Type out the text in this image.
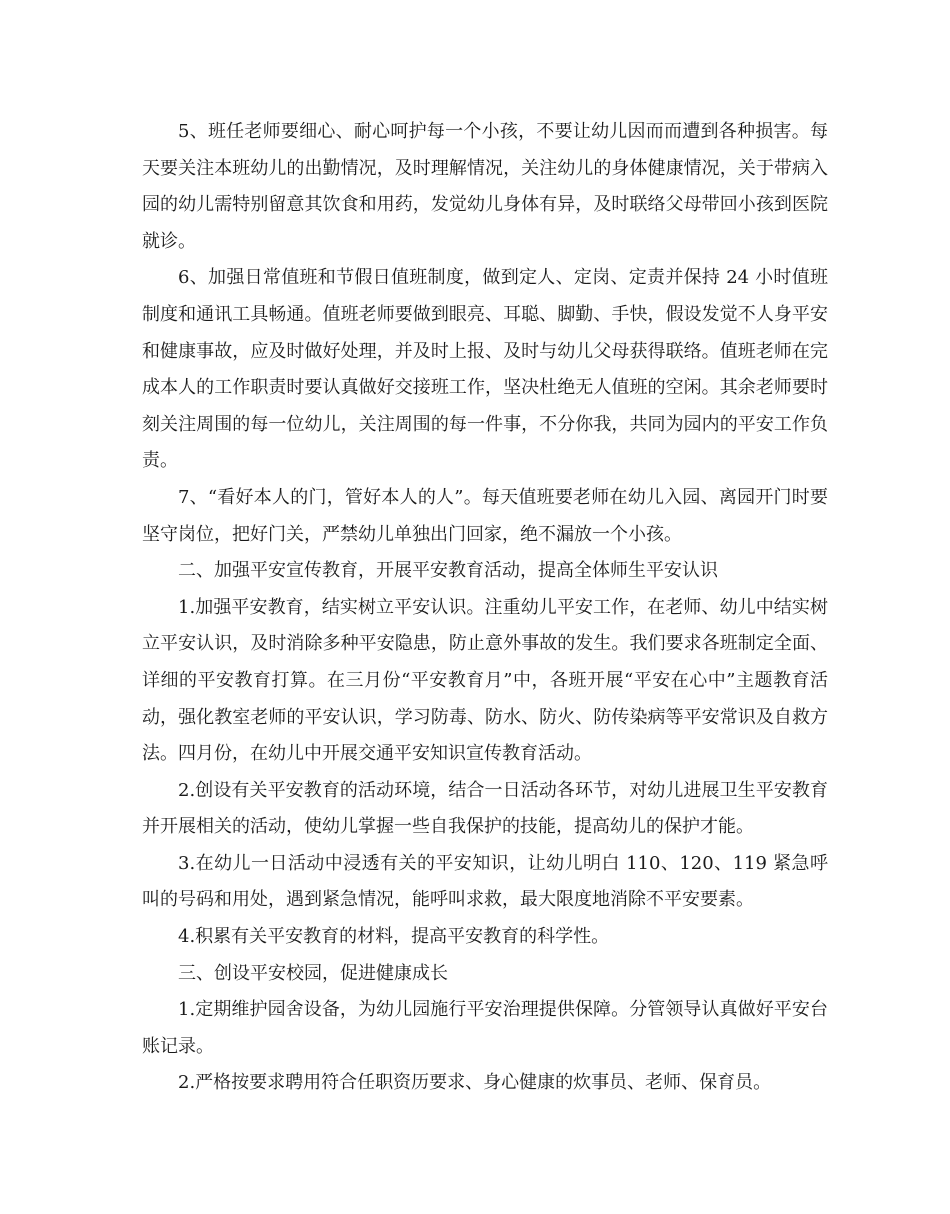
5、班任老师要细心、耐心呵护每一个小孩，不要让幼儿因而而遭到各种损害。每天要关注本班幼儿的出勤情况，及时理解情况，关注幼儿的身体健康情况，关于带病入园的幼儿需特别留意其饮食和用药，发觉幼儿身体有异，及时联络父母带回小孩到医院就诊。

6、加强日常值班和节假日值班制度，做到定人、定岗、定责并保持 24 小时值班制度和通讯工具畅通。值班老师要做到眼亮、耳聪、脚勤、手快，假设发觉不人身平安和健康事故，应及时做好处理，并及时上报、及时与幼儿父母获得联络。值班老师在完成本人的工作职责时要认真做好交接班工作，坚决杜绝无人值班的空闲。其余老师要时刻关注周围的每一位幼儿，关注周围的每一件事，不分你我，共同为园内的平安工作负责。

7、“看好本人的门，管好本人的人”。每天值班要老师在幼儿入园、离园开门时要坚守岗位，把好门关，严禁幼儿单独出门回家，绝不漏放一个小孩。

二、加强平安宣传教育，开展平安教育活动，提高全体师生平安认识

1.加强平安教育，结实树立平安认识。注重幼儿平安工作，在老师、幼儿中结实树立平安认识，及时消除多种平安隐患，防止意外事故的发生。我们要求各班制定全面、详细的平安教育打算。在三月份“平安教育月”中，各班开展“平安在心中”主题教育活动，强化教室老师的平安认识，学习防毒、防水、防火、防传染病等平安常识及自救方法。四月份，在幼儿中开展交通平安知识宣传教育活动。

2.创设有关平安教育的活动环境，结合一日活动各环节，对幼儿进展卫生平安教育并开展相关的活动，使幼儿掌握一些自我保护的技能，提高幼儿的保护才能。

3.在幼儿一日活动中浸透有关的平安知识，让幼儿明白 110、120、119 紧急呼叫的号码和用处，遇到紧急情况，能呼叫求救，最大限度地消除不平安要素。

4.积累有关平安教育的材料，提高平安教育的科学性。

三、创设平安校园，促进健康成长

1.定期维护园舍设备，为幼儿园施行平安治理提供保障。分管领导认真做好平安台账记录。

2.严格按要求聘用符合任职资历要求、身心健康的炊事员、老师、保育员。
